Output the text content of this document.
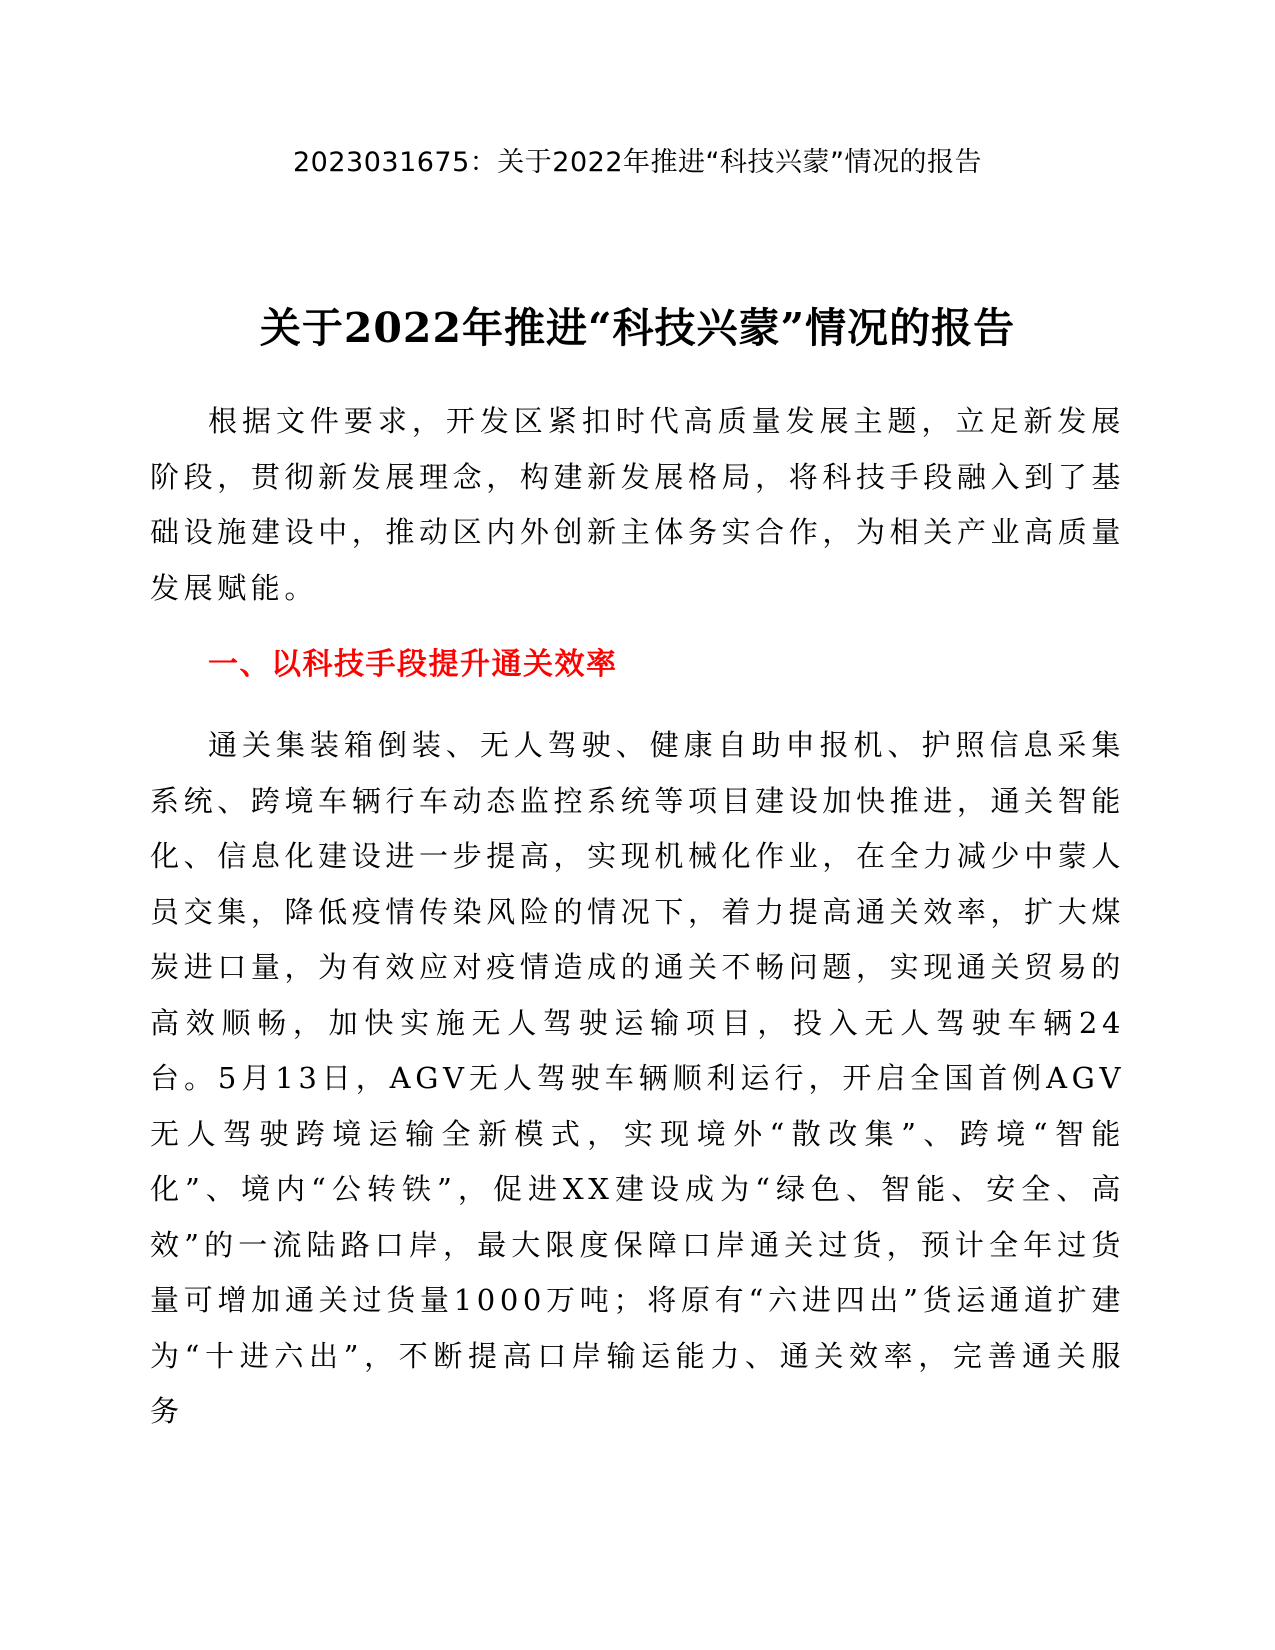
2023031675：关于2022年推进“科技兴蒙”情况的报告
关于2022年推进“科技兴蒙”情况的报告

根据文件要求，开发区紧扣时代高质量发展主题，立足新发展阶段，贯彻新发展理念，构建新发展格局，将科技手段融入到了基础设施建设中，推动区内外创新主体务实合作，为相关产业高质量发展赋能。

一、以科技手段提升通关效率

通关集装箱倒装、无人驾驶、健康自助申报机、护照信息采集系统、跨境车辆行车动态监控系统等项目建设加快推进，通关智能化、信息化建设进一步提高，实现机械化作业，在全力减少中蒙人员交集，降低疫情传染风险的情况下，着力提高通关效率，扩大煤炭进口量，为有效应对疫情造成的通关不畅问题，实现通关贸易的高效顺畅，加快实施无人驾驶运输项目，投入无人驾驶车辆24台。5月13日，AGV无人驾驶车辆顺利运行，开启全国首例AGV无人驾驶跨境运输全新模式，实现境外“散改集”、跨境“智能化”、境内“公转铁”，促进XX建设成为“绿色、智能、安全、高效”的一流陆路口岸，最大限度保障口岸通关过货，预计全年过货量可增加通关过货量1000万吨；将原有“六进四出”货运通道扩建为“十进六出”，不断提高口岸输运能力、通关效率，完善通关服务
